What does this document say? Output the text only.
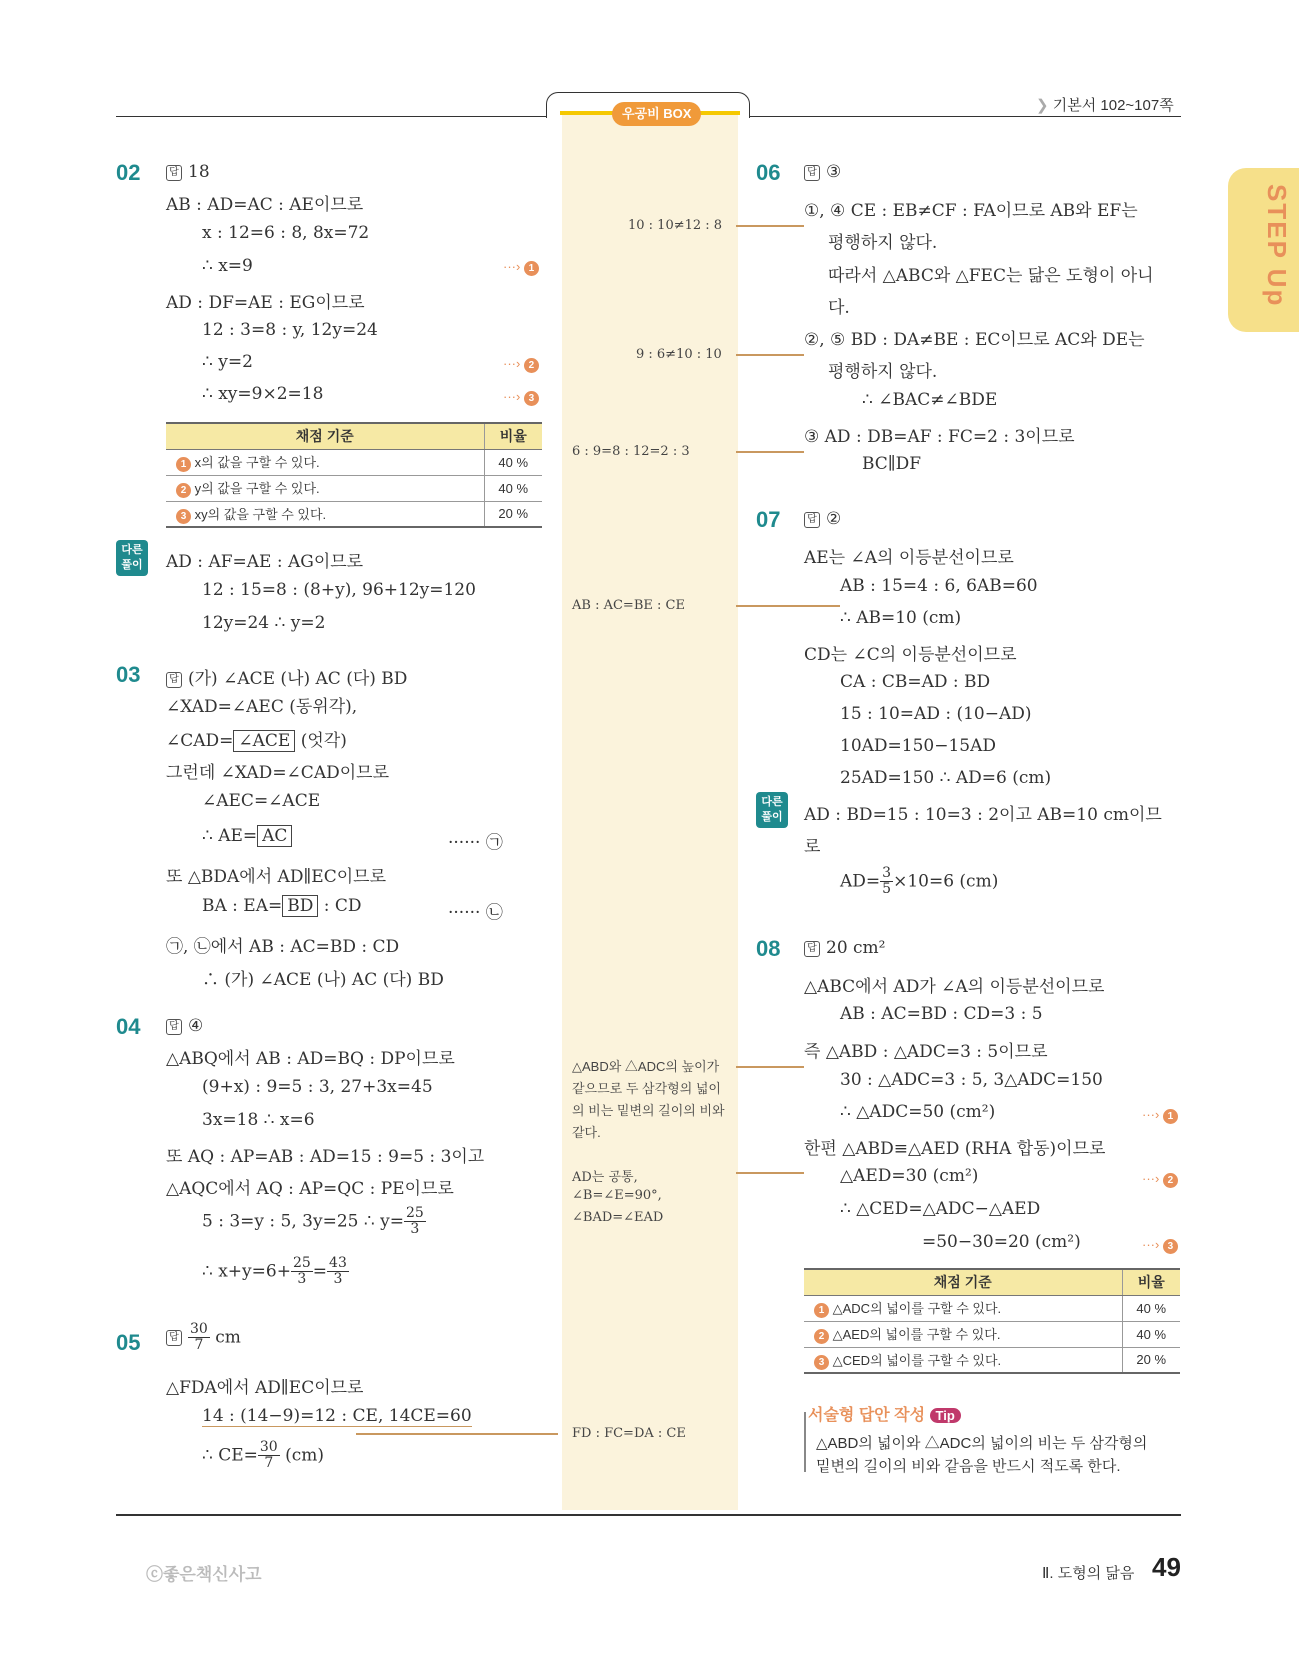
우공비 BOX	❯ 기본서 102~107쪽
STEP Up
02	답 18
AB : AD=AC : AE이므로
x : 12=6 : 8, 8x=72
∴ x=9	···› 1
AD : DF=AE : EG이므로
12 : 3=8 : y, 12y=24
∴ y=2	···› 2
∴ xy=9×2=18	···› 3
채점 기준	비율
1 x의 값을 구할 수 있다.	40 %
2 y의 값을 구할 수 있다.	40 %
3 xy의 값을 구할 수 있다.	20 %
다른 풀이	AD : AF=AE : AG이므로
12 : 15=8 : (8+y), 96+12y=120
12y=24 ∴ y=2
03	답 (가) ∠ACE (나) AC (다) BD
∠XAD=∠AEC (동위각),
∠CAD= ∠ACE (엇각)
그런데 ∠XAD=∠CAD이므로
∠AEC=∠ACE
∴ AE= AC	······ ㉠
또 △BDA에서 AD∥EC이므로
BA : EA= BD : CD	······ ㉡
㉠, ㉡에서 AB : AC=BD : CD
∴ (가) ∠ACE (나) AC (다) BD
04	답 ④
△ABQ에서 AB : AD=BQ : DP이므로
(9+x) : 9=5 : 3, 27+3x=45
3x=18 ∴ x=6
또 AQ : AP=AB : AD=15 : 9=5 : 3이고
△AQC에서 AQ : AP=QC : PE이므로
5 : 3=y : 5, 3y=25 ∴ $y= \frac{25}{3}$
∴ $x+y=6+ \frac{25}{3} = \frac{43}{3}$
05	답 $\frac{30}{7}$ cm
△FDA에서 AD∥EC이므로
14 : (14−9)=12 : CE, 14CE=60
∴ $CE= \frac{30}{7} (cm)$
10 : 10≠12 : 8
9 : 6≠10 : 10
6 : 9=8 : 12=2 : 3
AB : AC=BE : CE
△ABD와 △ADC의 높이가 같으므로 두 삼각형의 넓이의 비는 밑변의 길이의 비와 같다.
AD는 공통,
∠B=∠E=90°,
∠BAD=∠EAD
FD : FC=DA : CE
06	답 ③
①, ④ CE : EB≠CF : FA이므로 AB와 EF는
평행하지 않다.
따라서 △ABC와 △FEC는 닮은 도형이 아니
다.
②, ⑤ BD : DA≠BE : EC이므로 AC와 DE는
평행하지 않다.
∴ ∠BAC≠∠BDE
③ AD : DB=AF : FC=2 : 3이므로
BC∥DF
07	답 ②
AE는 ∠A의 이등분선이므로
AB : 15=4 : 6, 6AB=60
∴ AB=10 (cm)
CD는 ∠C의 이등분선이므로
CA : CB=AD : BD
15 : 10=AD : (10−AD)
10AD=150−15AD
25AD=150 ∴ AD=6 (cm)
다른 풀이	AD : BD=15 : 10=3 : 2이고 AB=10 cm이므
로
$AD= \frac{3}{5} \times 10=6$ (cm)
08	답 20 cm²
△ABC에서 AD가 ∠A의 이등분선이므로
AB : AC=BD : CD=3 : 5
즉 △ABD : △ADC=3 : 5이므로
30 : △ADC=3 : 5, 3△ADC=150
∴ △ADC=50 (cm²)	···› 1
한편 △ABD≡△AED (RHA 합동)이므로
△AED=30 (cm²)	···› 2
∴ △CED=△ADC−△AED
=50−30=20 (cm²)	···› 3
채점 기준	비율
1 △ADC의 넓이를 구할 수 있다.	40 %
2 △AED의 넓이를 구할 수 있다.	40 %
3 △CED의 넓이를 구할 수 있다.	20 %
서술형 답안 작성 Tip
△ABD의 넓이와 △ADC의 넓이의 비는 두 삼각형의
밑변의 길이의 비와 같음을 반드시 적도록 한다.
ⓒ좋은책신사고	Ⅱ. 도형의 닮음 49
